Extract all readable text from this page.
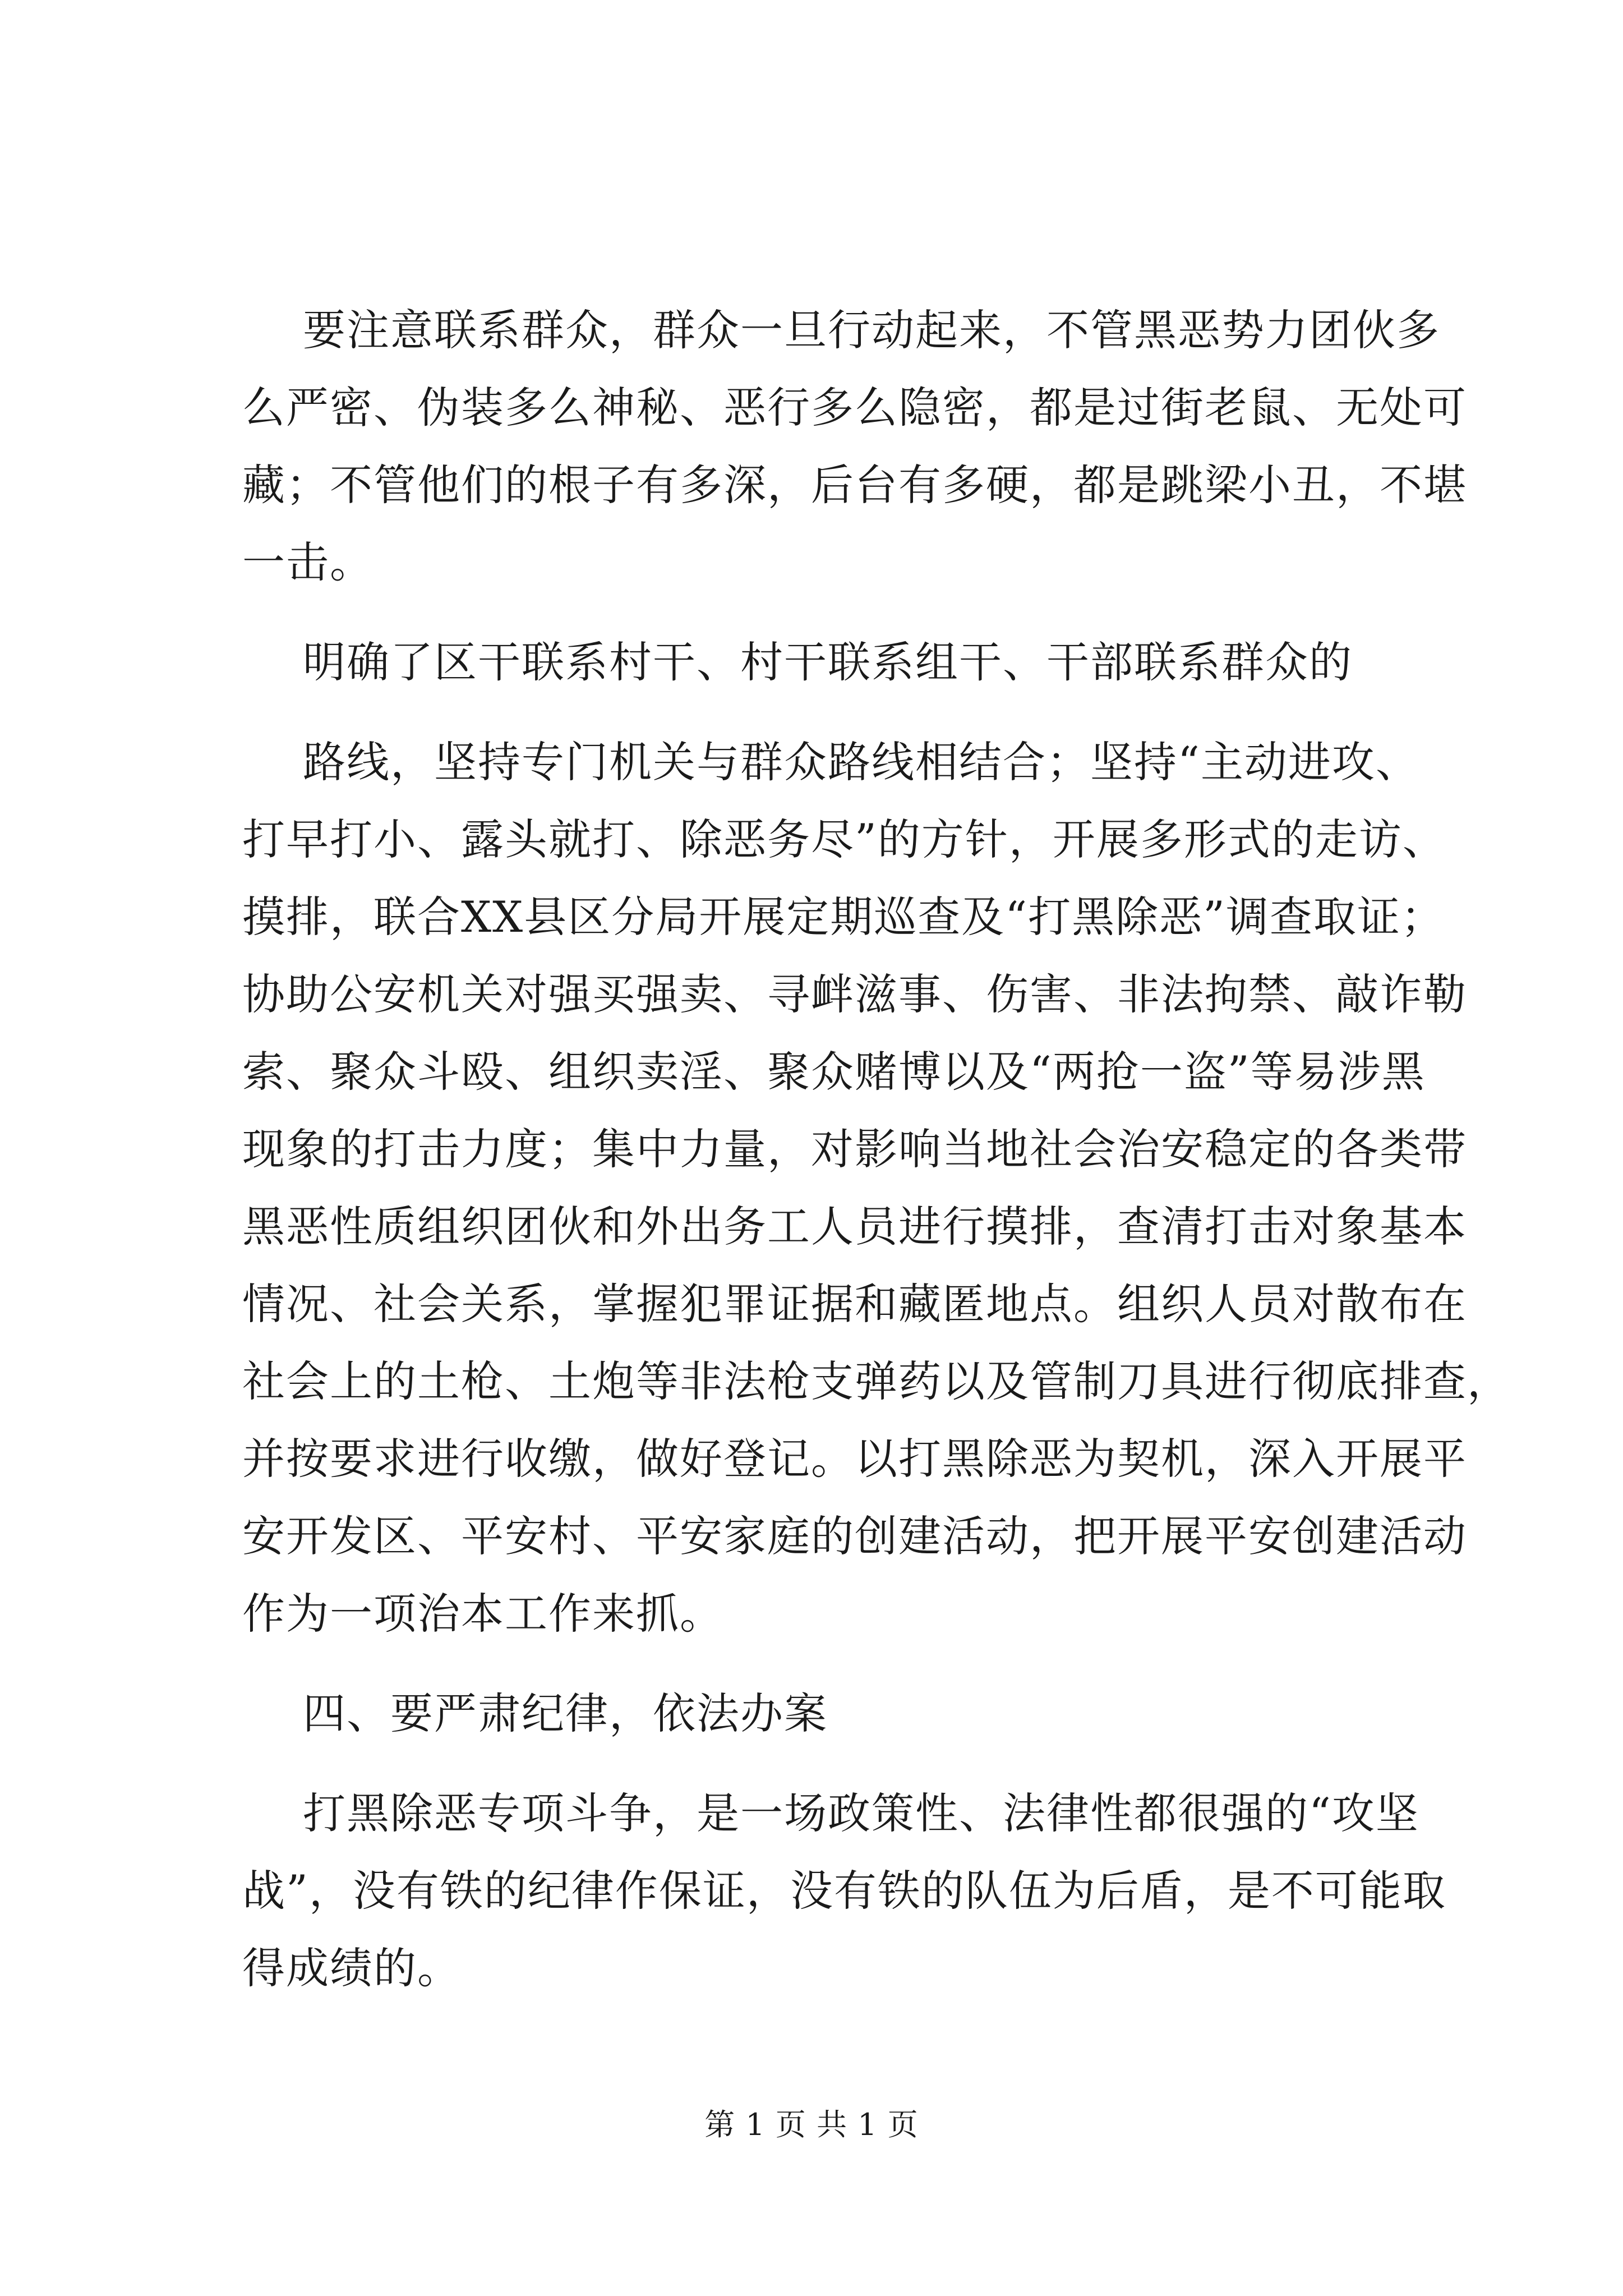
要注意联系群众，群众一旦行动起来，不管黑恶势力团伙多
么严密、伪装多么神秘、恶行多么隐密，都是过街老鼠、无处可
藏；不管他们的根子有多深，后台有多硬，都是跳梁小丑，不堪
一击。
明确了区干联系村干、村干联系组干、干部联系群众的
路线，坚持专门机关与群众路线相结合；坚持“主动进攻、
打早打小、露头就打、除恶务尽”的方针，开展多形式的走访、
摸排，联合XX县区分局开展定期巡查及“打黑除恶”调查取证；
协助公安机关对强买强卖、寻衅滋事、伤害、非法拘禁、敲诈勒
索、聚众斗殴、组织卖淫、聚众赌博以及“两抢一盗”等易涉黑
现象的打击力度；集中力量，对影响当地社会治安稳定的各类带
黑恶性质组织团伙和外出务工人员进行摸排，查清打击对象基本
情况、社会关系，掌握犯罪证据和藏匿地点。组织人员对散布在
社会上的土枪、土炮等非法枪支弹药以及管制刀具进行彻底排查，
并按要求进行收缴，做好登记。以打黑除恶为契机，深入开展平
安开发区、平安村、平安家庭的创建活动，把开展平安创建活动
作为一项治本工作来抓。
四、要严肃纪律，依法办案
打黑除恶专项斗争，是一场政策性、法律性都很强的“攻坚
战”，没有铁的纪律作保证，没有铁的队伍为后盾，是不可能取
得成绩的。
第 1 页 共 1 页
